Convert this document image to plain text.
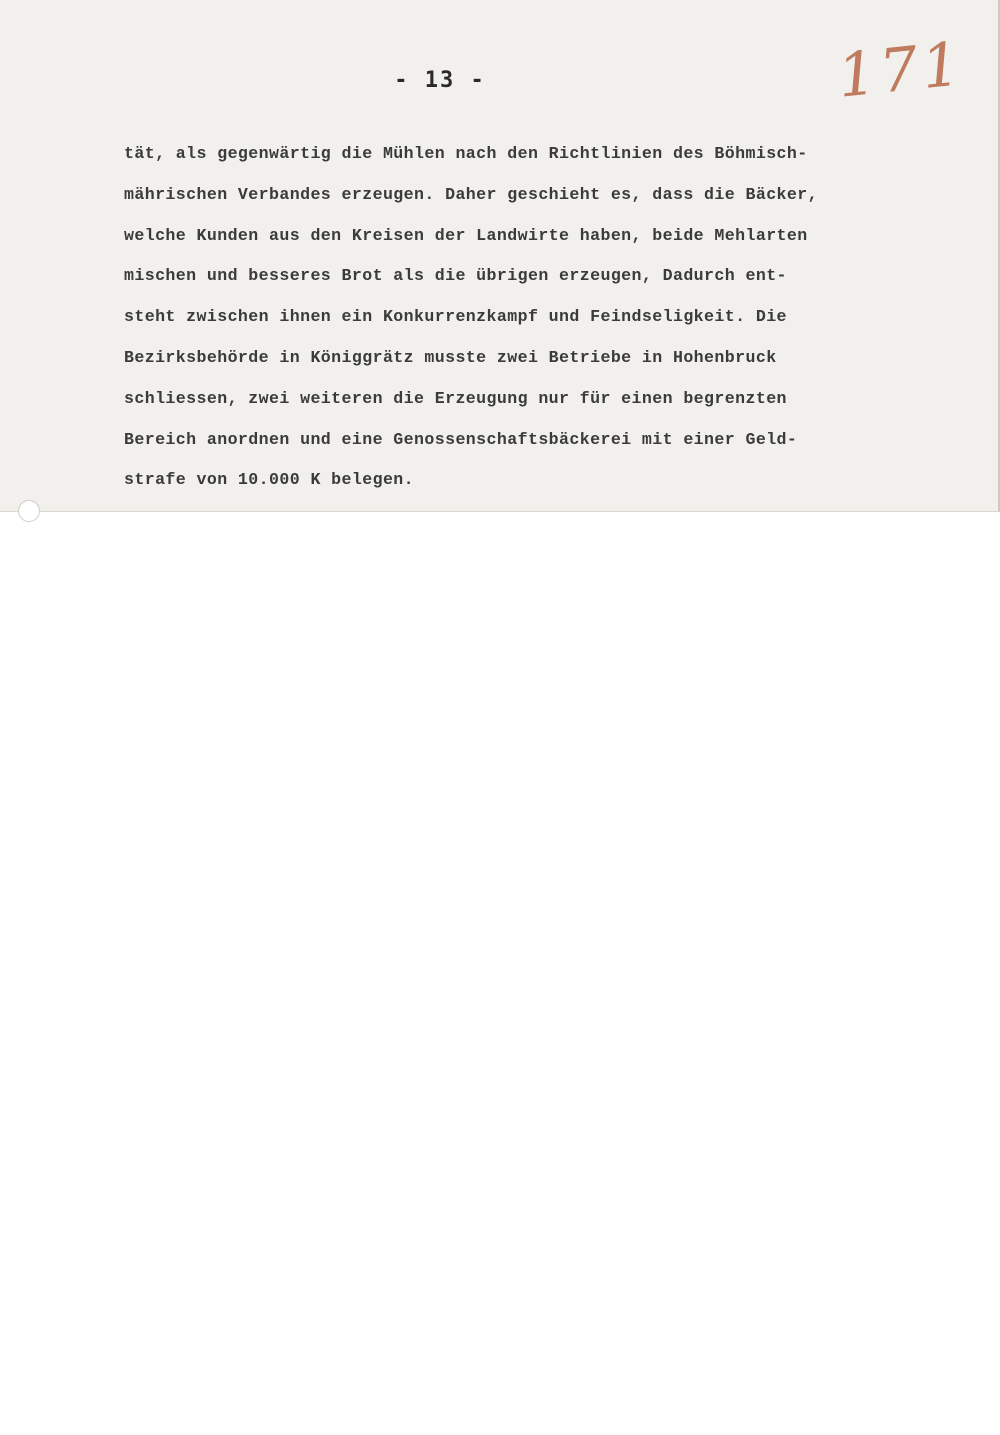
- 13 -	171
tät, als gegenwärtig die Mühlen nach den Richtlinien des Böhmisch-
mährischen Verbandes erzeugen. Daher geschieht es, dass die Bäcker,
welche Kunden aus den Kreisen der Landwirte haben, beide Mehlarten
mischen und besseres Brot als die übrigen erzeugen, Dadurch ent-
steht zwischen ihnen ein Konkurrenzkampf und Feindseligkeit. Die
Bezirksbehörde in Königgrätz musste zwei Betriebe in Hohenbruck
schliessen, zwei weiteren die Erzeugung nur für einen begrenzten
Bereich anordnen und eine Genossenschaftsbäckerei mit einer Geld-
strafe von 10.000 K belegen.
